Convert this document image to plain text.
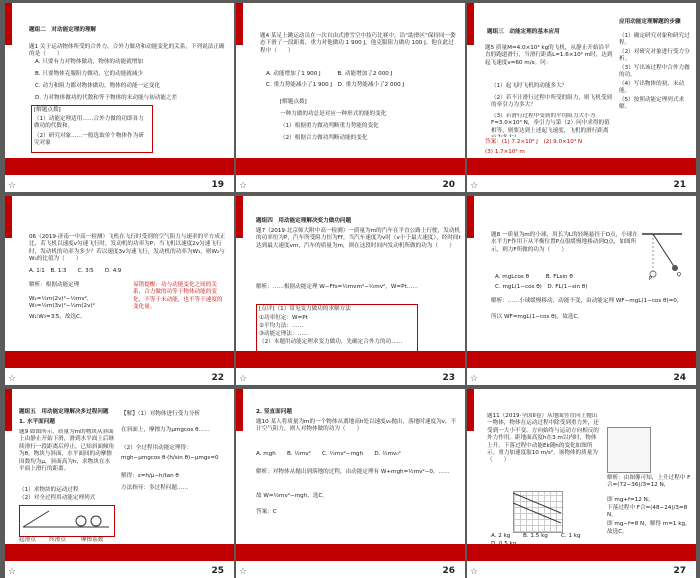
题组二　对动能定理的理解
题1 关于运动物体所受的合外力、合外力做功和动能变化的关系，下列说法正确的是（　　）
A. 只要有力对物体做功，物体的动能就增加
B. 只要物体克服阻力做功，它的动能就减少
C. 动力和阻力都对物体做功，物体的动能一定变化
D. 力对物体做功的代数和等于物体的末动能与初动能之差
[解题点拨]
（1）动能定理适用……合外力做的功即各力做功的代数和。
（2）研究对象……一般选取单个物体作为研究对象
☆	19
题4 某足上跳运动员在一次自由式滑雪空中技巧比赛中，沿“助滑区”保持同一姿态下滑了一段距离，重力对他做功 1 900 J，他克服阻力做功 100 J。他在此过程中（　　）
A. 动能增加了1 900 J　　　B. 动能增加了2 000 J
C. 重力势能减小了1 900 J　D. 重力势能减小了2 000 J
[解题点拨]
一种力做的功总是对应一种形式的能的变化
（1）根据重力做功判断重力势能的变化
（2）根据合力做功判断动能的变化
☆	20
题组三　动能定理的基本应用
题5 质量M=4.0×10³ kg的飞机，从静止开始沿平直的跑道滑行，当滑行距离L=1.6×10² m时，达到起飞速度v=60 m/s。问：
（1）起飞时飞机的动能多大？
（2）若不计滑行过程中所受的阻力，则飞机受到的牵引力为多大？
（3）若滑行过程中受到的平均阻力大小为F=3.0×10³ N，牵引力与第（2）问中求得的值相等，则要达到上述起飞速度，飞机的滑行距离
答案：(1) 7.2×10⁶ J　(2) 9.0×10⁴ N
(3) 1.7×10² m
应用动能定理解题的步骤
（1）确定研究对象和研究过程。
（2）对研究对象进行受力分析。
（3）写出该过程中合外力做的功。
（4）写出物体的初、末动能。
（5）按照动能定理列式求解。
☆	21
06（2019·济南一中高一检测）飞机在飞行时受到的空气阻力与速率的平方成正比，若飞机以速度v匀速飞行时，发动机的功率为P；当飞机以速度2v匀速飞行时，发动机的功率为多少？若以速度3v匀速飞行，发动机的功率为W₃，则W₂与W₃的比值为（　　）
A. 1∶1　B. 1∶3　　C. 3∶5　　D. 4∶9
解析：根据动能定理
W₂=½m(2v)²−½mv²，W₃=½m(3v)²−½m(2v)²
W₂∶W₃=3∶5，故选C。
易错提醒：功与动能变化之间的关系，合力做的功等于物体动能的变化，不等于末动能，也不等于速度的变化量。
☆	22
题组四　用动能定理解决变力做功问题
题7（2019·北京师大附中高一检测）一质量为m的汽车在平直公路上行驶，发动机的功率恒为P，汽车所受阻力恒为Ff。当汽车速度为v时（v小于最大速度），经时间t达到最大速度vm，汽车的质量为m，则在这段时间内发动机所做的功为（　　）
解析：……根据动能定理 W−Ffs=½mvm²−½mv²，W=Pt……
[点评]（1）常见变力做功的求解方法
①功率恒定：W=Pt
②平均力法：……
③动能定理法：……
（2）本题用动能定理求变力做功，先确定合外力的功……
☆	23
题8 一质量为m的小球，用长为L的轻绳悬挂于O点，小球在水平力F作用下从平衡位置P点很缓慢地移动到Q点，如图所示，则力F所做的功为（　　）
A. mgLcos θ　　　B. FLsin θ
C. mgL(1−cos θ)　D. FL(1−sin θ)
P
Q
解析：……小球缓慢移动，动能不变，由动能定理 WF−mgL(1−cos θ)=0，
所以 WF=mgL(1−cos θ)，故选C。
☆	24
题组五　用动能定理解决多过程问题
1. 水平面问题
题9 如图所示，质量为m的物块从斜面上由静止开始下滑，滑到水平面上后继续滑行一段距离后停止，已知斜面倾角为θ，物块与斜面、水平面间的动摩擦因数均为μ，斜面高为h，求物块在水平面上滑行的距离。
（1）求物块的运动过程
（2）对全过程用动能定理列式
起滑点	终滑点	摩擦系数
【解】（1）对物体进行受力分析
在斜面上，摩擦力为μmgcos θ……
（2）全过程用动能定理得：
mgh−μmgcos θ·(h/sin θ)−μmgs=0
解得：s=h/μ−h/tan θ
方法指导：多过程问题……
☆	25
2. 竖直面问题
题10 某人将质量为m的一个物体从离地高h处以速度v₀抛出，落地时速度为v，不计空气阻力，则人对物体做的功为（　　）
A. mgh　　B. ½mv²　　C. ½mv²−mgh　　D. ½mv₀²
解析：对物体从抛出到落地的过程，由动能定理有 W+mgh=½mv²−0，……
故 W=½mv²−mgh，选C。
答案：C
☆	26
题11（2019·全国II卷）从地面竖直向上抛出一物体，物体在运动过程中除受到重力外，还受到一大小不变、方向始终与运动方向相反的外力作用。距地面高度h在3 m以内时，物体上升、下落过程中动能Ek随h的变化如图所示。重力加速度取10 m/s²。该物体的质量为（　　）
A. 2 kg	B. 1.5 kg	C. 1 kg
解析：由图像可知，上升过程中 F合=(72−36)/3=12 N，
即 mg+f=12 N；
下落过程中 F合=(48−24)/3=8 N，
即 mg−f=8 N，解得 m=1 kg。
故选C。
☆	27
